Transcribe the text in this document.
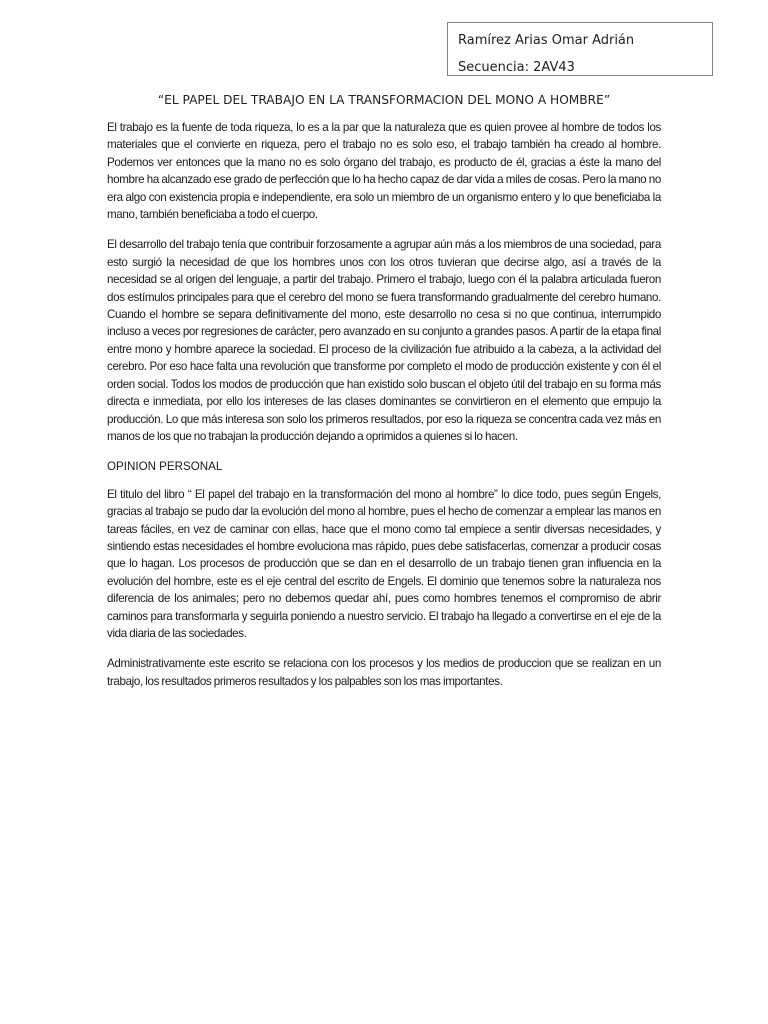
Ramírez Arias Omar Adrián
Secuencia: 2AV43
“EL PAPEL DEL TRABAJO EN LA TRANSFORMACION DEL MONO A HOMBRE”

El trabajo es la fuente de toda riqueza, lo es a la par que la naturaleza que es quien provee al hombre de todos los materiales que el convierte en riqueza, pero el trabajo no es solo eso, el trabajo también ha creado al hombre. Podemos ver entonces que la mano no es solo órgano del trabajo, es producto de él, gracias a éste la mano del hombre ha alcanzado ese grado de perfección que lo ha hecho capaz de dar vida a miles de cosas. Pero la mano no era algo con existencia propia e independiente, era solo un miembro de un organismo entero y lo que beneficiaba la mano, también beneficiaba a todo el cuerpo.

El desarrollo del trabajo tenía que contribuir forzosamente a agrupar aún más a los miembros de una sociedad, para esto surgió la necesidad de que los hombres unos con los otros tuvieran que decirse algo, así a través de la necesidad se al origen del lenguaje, a partir del trabajo. Primero el trabajo, luego con él la palabra articulada fueron dos estímulos principales para que el cerebro del mono se fuera transformando gradualmente del cerebro humano. Cuando el hombre se separa definitivamente del mono, este desarrollo no cesa si no que continua, interrumpido incluso a veces por regresiones de carácter, pero avanzado en su conjunto a grandes pasos. A partir de la etapa final entre mono y hombre aparece la sociedad. El proceso de la civilización fue atribuido a la cabeza, a la actividad del cerebro. Por eso hace falta una revolución que transforme por completo el modo de producción existente y con él el orden social. Todos los modos de producción que han existido solo buscan el objeto útil del trabajo en su forma más directa e inmediata, por ello los intereses de las clases dominantes se convirtieron en el elemento que empujo la producción. Lo que más interesa son solo los primeros resultados, por eso la riqueza se concentra cada vez más en manos de los que no trabajan la producción dejando a oprimidos a quienes si lo hacen.

OPINION PERSONAL

El titulo del libro “ El papel del trabajo en la transformación del mono al hombre” lo dice todo, pues según Engels, gracias al trabajo se pudo dar la evolución del mono al hombre, pues el hecho de comenzar a emplear las manos en tareas fáciles, en vez de caminar con ellas, hace que el mono como tal empiece a sentir diversas necesidades, y sintiendo estas necesidades el hombre evoluciona mas rápido, pues debe satisfacerlas, comenzar a producir cosas que lo hagan. Los procesos de producción que se dan en el desarrollo de un trabajo tienen gran influencia en la evolución del hombre, este es el eje central del escrito de Engels. El dominio que tenemos sobre la naturaleza nos diferencia de los animales; pero no debemos quedar ahí, pues como hombres tenemos el compromiso de abrir caminos para transformarla y seguirla poniendo a nuestro servicio. El trabajo ha llegado a convertirse en el eje de la vida diaria de las sociedades.

Administrativamente este escrito se relaciona con los procesos y los medios de produccion que se realizan en un trabajo, los resultados primeros resultados y los palpables son los mas importantes.
